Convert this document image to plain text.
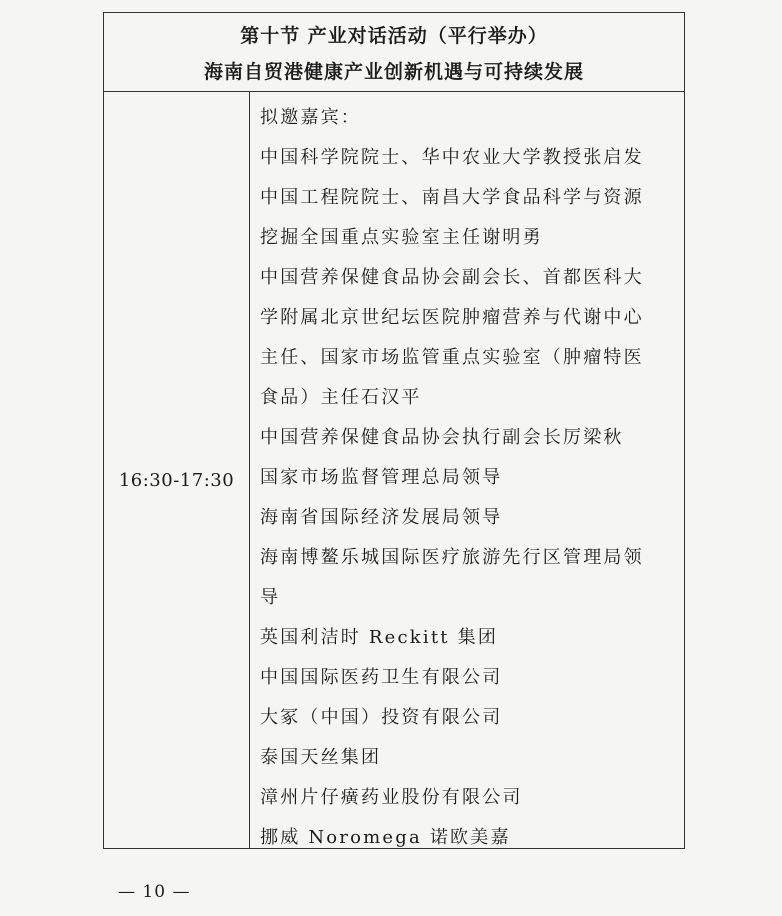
第十节 产业对话活动（平行举办）
海南自贸港健康产业创新机遇与可持续发展
16:30-17:30
拟邀嘉宾：
中国科学院院士、华中农业大学教授张启发
中国工程院院士、南昌大学食品科学与资源
挖掘全国重点实验室主任谢明勇
中国营养保健食品协会副会长、首都医科大
学附属北京世纪坛医院肿瘤营养与代谢中心
主任、国家市场监管重点实验室（肿瘤特医
食品）主任石汉平
中国营养保健食品协会执行副会长厉梁秋
国家市场监督管理总局领导
海南省国际经济发展局领导
海南博鳌乐城国际医疗旅游先行区管理局领
导
英国利洁时 Reckitt 集团
中国国际医药卫生有限公司
大冢（中国）投资有限公司
泰国天丝集团
漳州片仔癀药业股份有限公司
挪威 Noromega 诺欧美嘉
— 10 —
